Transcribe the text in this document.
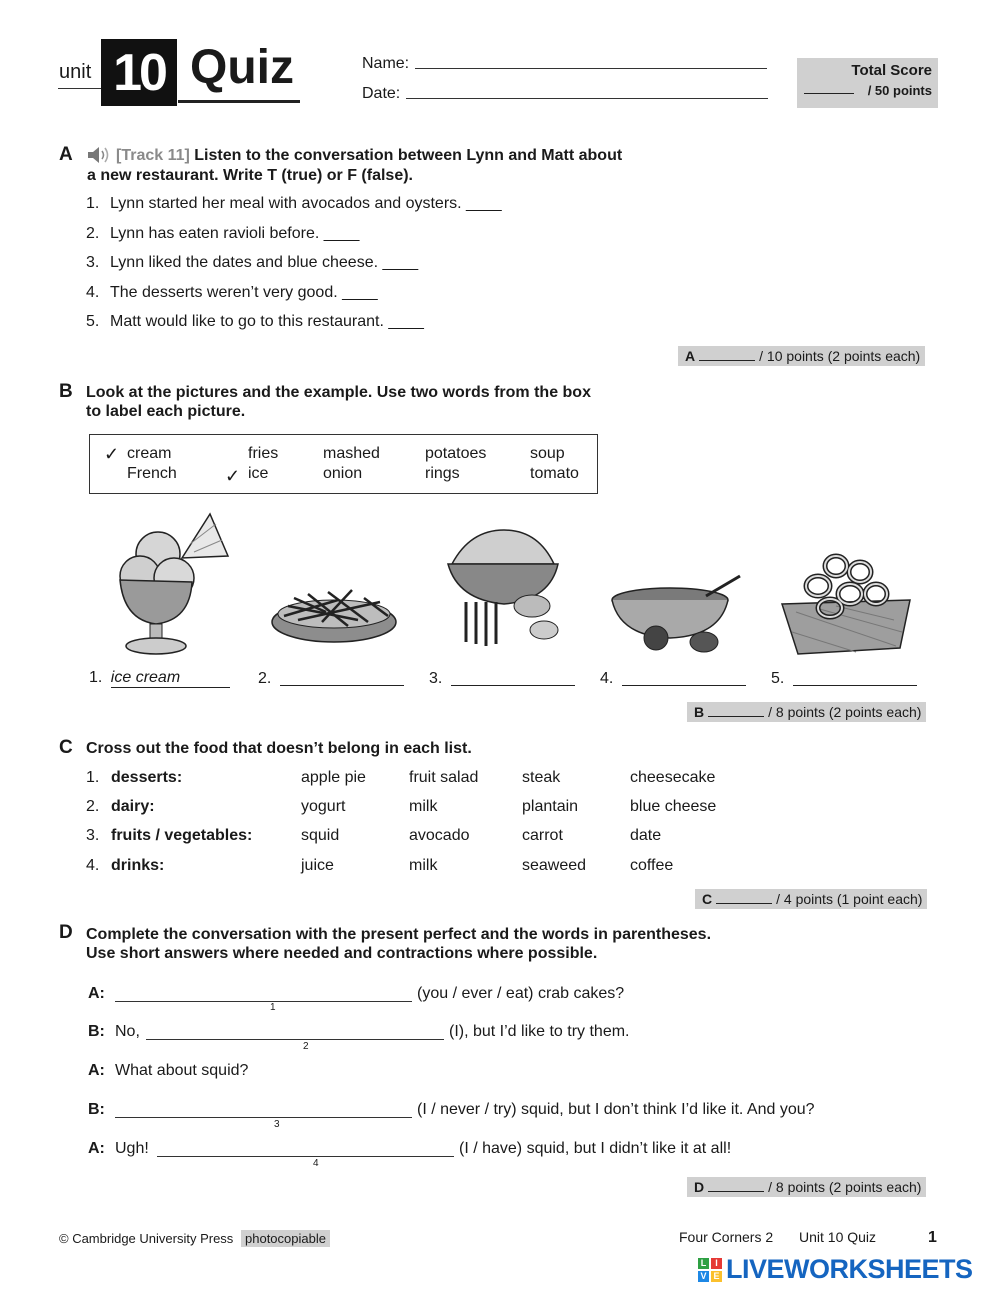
unit 10 Quiz	Name:
Date:
Total Score
/ 50 points
A	[Track 11] Listen to the conversation between Lynn and Matt about
a new restaurant. Write T (true) or F (false).
1. Lynn started her meal with avocados and oysters. ____
2. Lynn has eaten ravioli before. ____
3. Lynn liked the dates and blue cheese. ____
4. The desserts weren’t very good. ____
5. Matt would like to go to this restaurant. ____
A	/ 10 points (2 points each)
B Look at the pictures and the example. Use two words from the box
to label each picture.
✓ cream	fries	mashed	potatoes	soup
French	✓ ice	onion	rings	tomato
1. ice cream	2.	3.	4.	5.
B	/ 8 points (2 points each)
C Cross out the food that doesn’t belong in each list.
1. desserts:	apple pie	fruit salad	steak	cheesecake
2. dairy:	yogurt	milk	plantain	blue cheese
3. fruits / vegetables:	squid	avocado	carrot	date
4. drinks:	juice	milk	seaweed	coffee
C	/ 4 points (1 point each)
D Complete the conversation with the present perfect and the words in parentheses.
Use short answers where needed and contractions where possible.
A:
1
(you / ever / eat) crab cakes?
B: No,
2
(I), but I’d like to try them.
A: What about squid?
B:
3
(I / never / try) squid, but I don’t think I’d like it. And you?
A: Ugh!
4
(I / have) squid, but I didn’t like it at all!
D	/ 8 points (2 points each)
© Cambridge University Press photocopiable	Four Corners 2 Unit 10 Quiz	1
L I
V E LIVEWORKSHEETS
